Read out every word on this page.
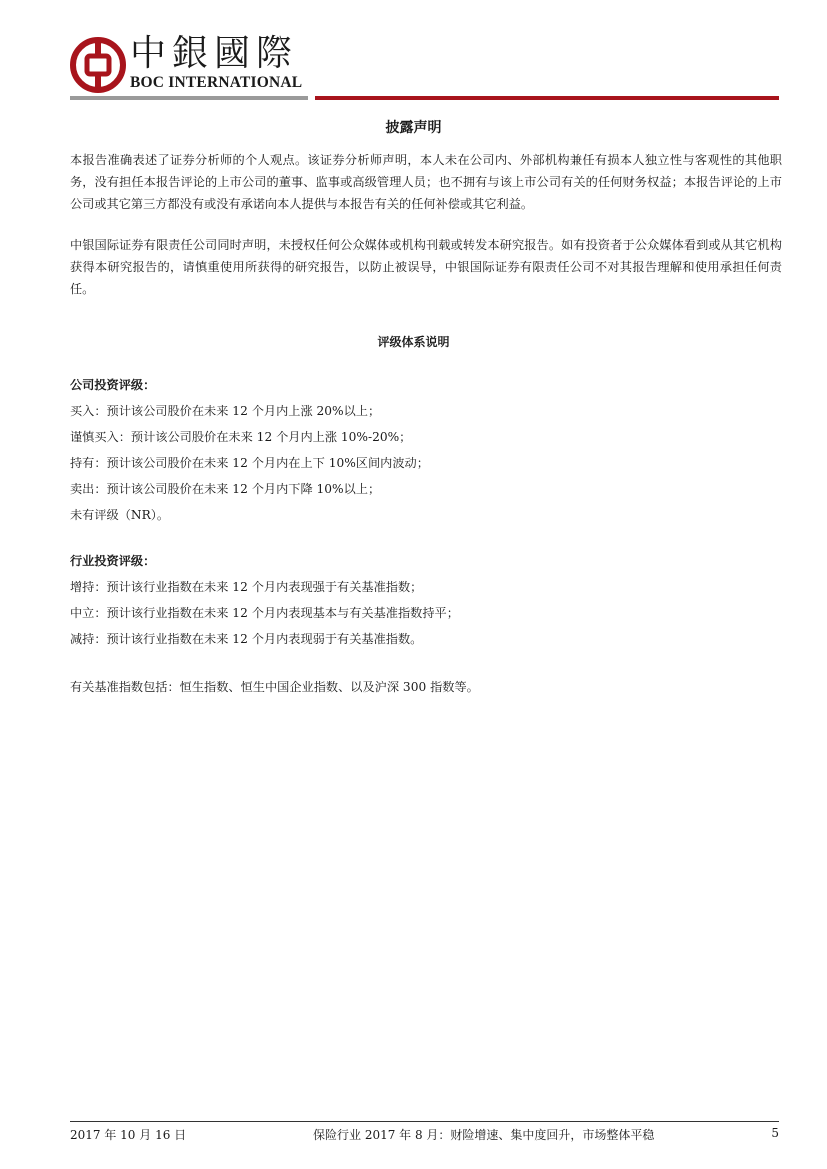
中銀國際
BOC INTERNATIONAL
披露声明
本报告准确表述了证券分析师的个人观点。该证券分析师声明，本人未在公司内、外部机构兼任有损本人独立性与客观性的其他职务，没有担任本报告评论的上市公司的董事、监事或高级管理人员；也不拥有与该上市公司有关的任何财务权益；本报告评论的上市公司或其它第三方都没有或没有承诺向本人提供与本报告有关的任何补偿或其它利益。
中银国际证券有限责任公司同时声明，未授权任何公众媒体或机构刊载或转发本研究报告。如有投资者于公众媒体看到或从其它机构获得本研究报告的，请慎重使用所获得的研究报告，以防止被误导，中银国际证券有限责任公司不对其报告理解和使用承担任何责任。
评级体系说明
公司投资评级：
买入：预计该公司股价在未来 12 个月内上涨 20%以上；
谨慎买入：预计该公司股价在未来 12 个月内上涨 10%-20%；
持有：预计该公司股价在未来 12 个月内在上下 10%区间内波动；
卖出：预计该公司股价在未来 12 个月内下降 10%以上；
未有评级（NR）。
行业投资评级：
增持：预计该行业指数在未来 12 个月内表现强于有关基准指数；
中立：预计该行业指数在未来 12 个月内表现基本与有关基准指数持平；
减持：预计该行业指数在未来 12 个月内表现弱于有关基准指数。
有关基准指数包括：恒生指数、恒生中国企业指数、以及沪深 300 指数等。
2017 年 10 月 16 日	保险行业 2017 年 8 月：财险增速、集中度回升，市场整体平稳	5
